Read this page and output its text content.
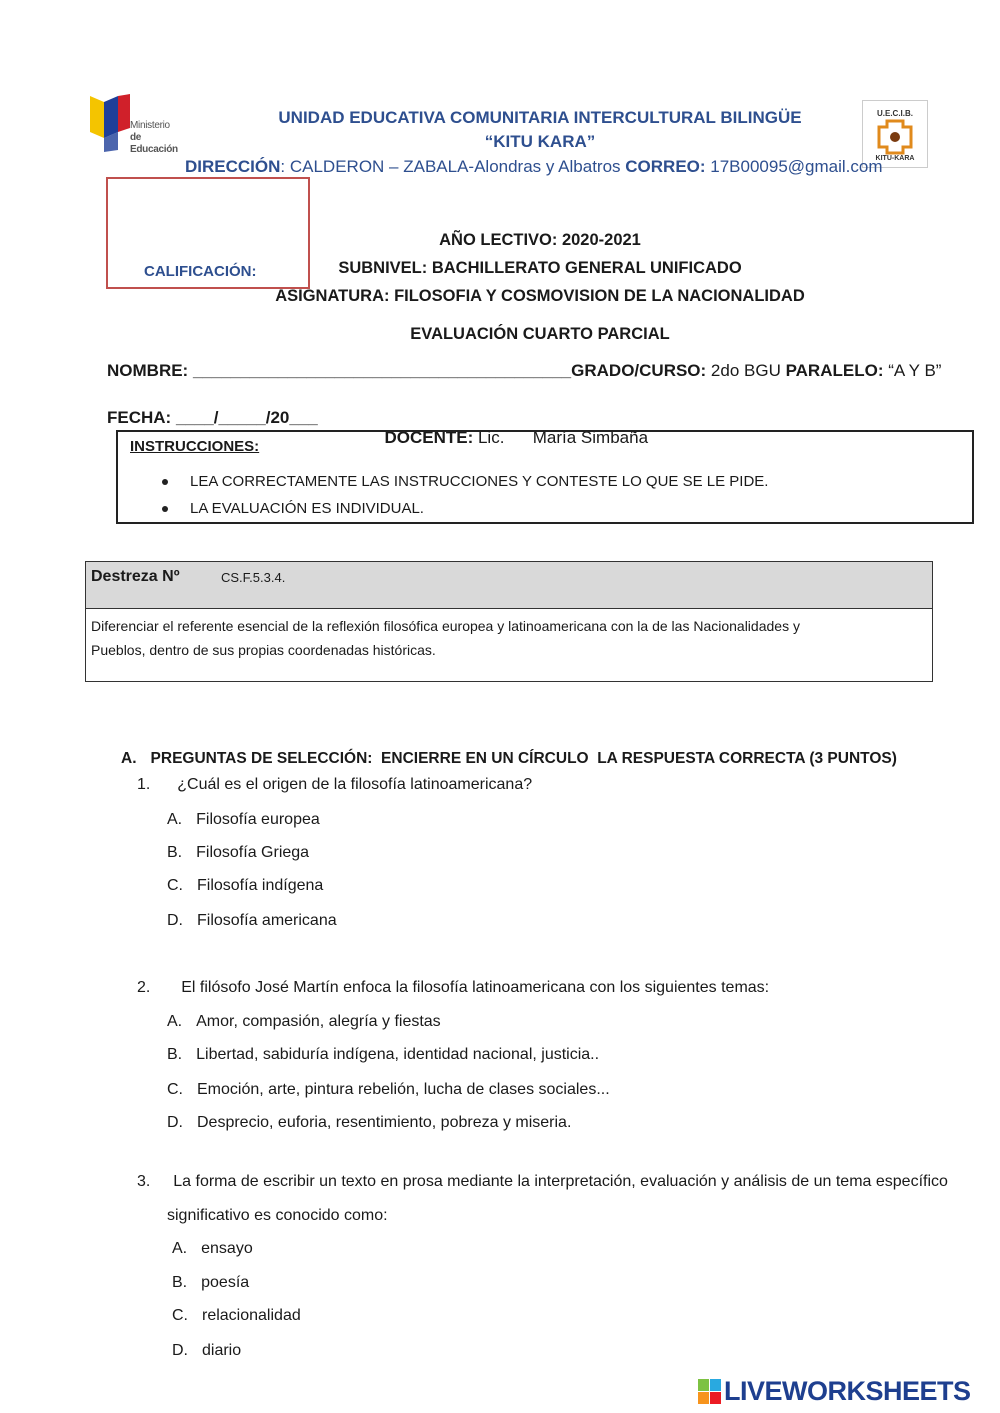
Ministerio
de Educación
U.E.C.I.B.
KITU-KARA
UNIDAD EDUCATIVA COMUNITARIA INTERCULTURAL BILINGÜE
“KITU KARA”
DIRECCIÓN: CALDERON – ZABALA-Alondras y Albatros CORREO: 17B00095@gmail.com
CALIFICACIÓN:
AÑO LECTIVO: 2020-2021
SUBNIVEL: BACHILLERATO GENERAL UNIFICADO
ASIGNATURA: FILOSOFIA Y COSMOVISION DE LA NACIONALIDAD
EVALUACIÓN CUARTO PARCIAL
NOMBRE: ________________________________________GRADO/CURSO: 2do BGU PARALELO: “A Y B”
FECHA: ____/_____/20___

DOCENTE: Lic.      María Simbaña

INSTRUCCIONES:
LEA CORRECTAMENTE LAS INSTRUCCIONES Y CONTESTE LO QUE SE LE PIDE.
LA EVALUACIÓN ES INDIVIDUAL.
Destreza Nº	CS.F.5.3.4.
Diferenciar el referente esencial de la reflexión filosófica europea y latinoamericana con la de las Nacionalidades y
Pueblos, dentro de sus propias coordenadas históricas.

A. PREGUNTAS DE SELECCIÓN:  ENCIERRE EN UN CÍRCULO  LA RESPUESTA CORRECTA (3 PUNTOS)

1. ¿Cuál es el origen de la filosofía latinoamericana?
A. Filosofía europea
B. Filosofía Griega
C. Filosofía indígena
D. Filosofía americana
2. El filósofo José Martín enfoca la filosofía latinoamericana con los siguientes temas:
A. Amor, compasión, alegría y fiestas
B. Libertad, sabiduría indígena, identidad nacional, justicia..
C. Emoción, arte, pintura rebelión, lucha de clases sociales...
D. Desprecio, euforia, resentimiento, pobreza y miseria.
3. La forma de escribir un texto en prosa mediante la interpretación, evaluación y análisis de un tema específico
significativo es conocido como:
A. ensayo
B. poesía
C. relacionalidad
D. diario
LIVEWORKSHEETS
